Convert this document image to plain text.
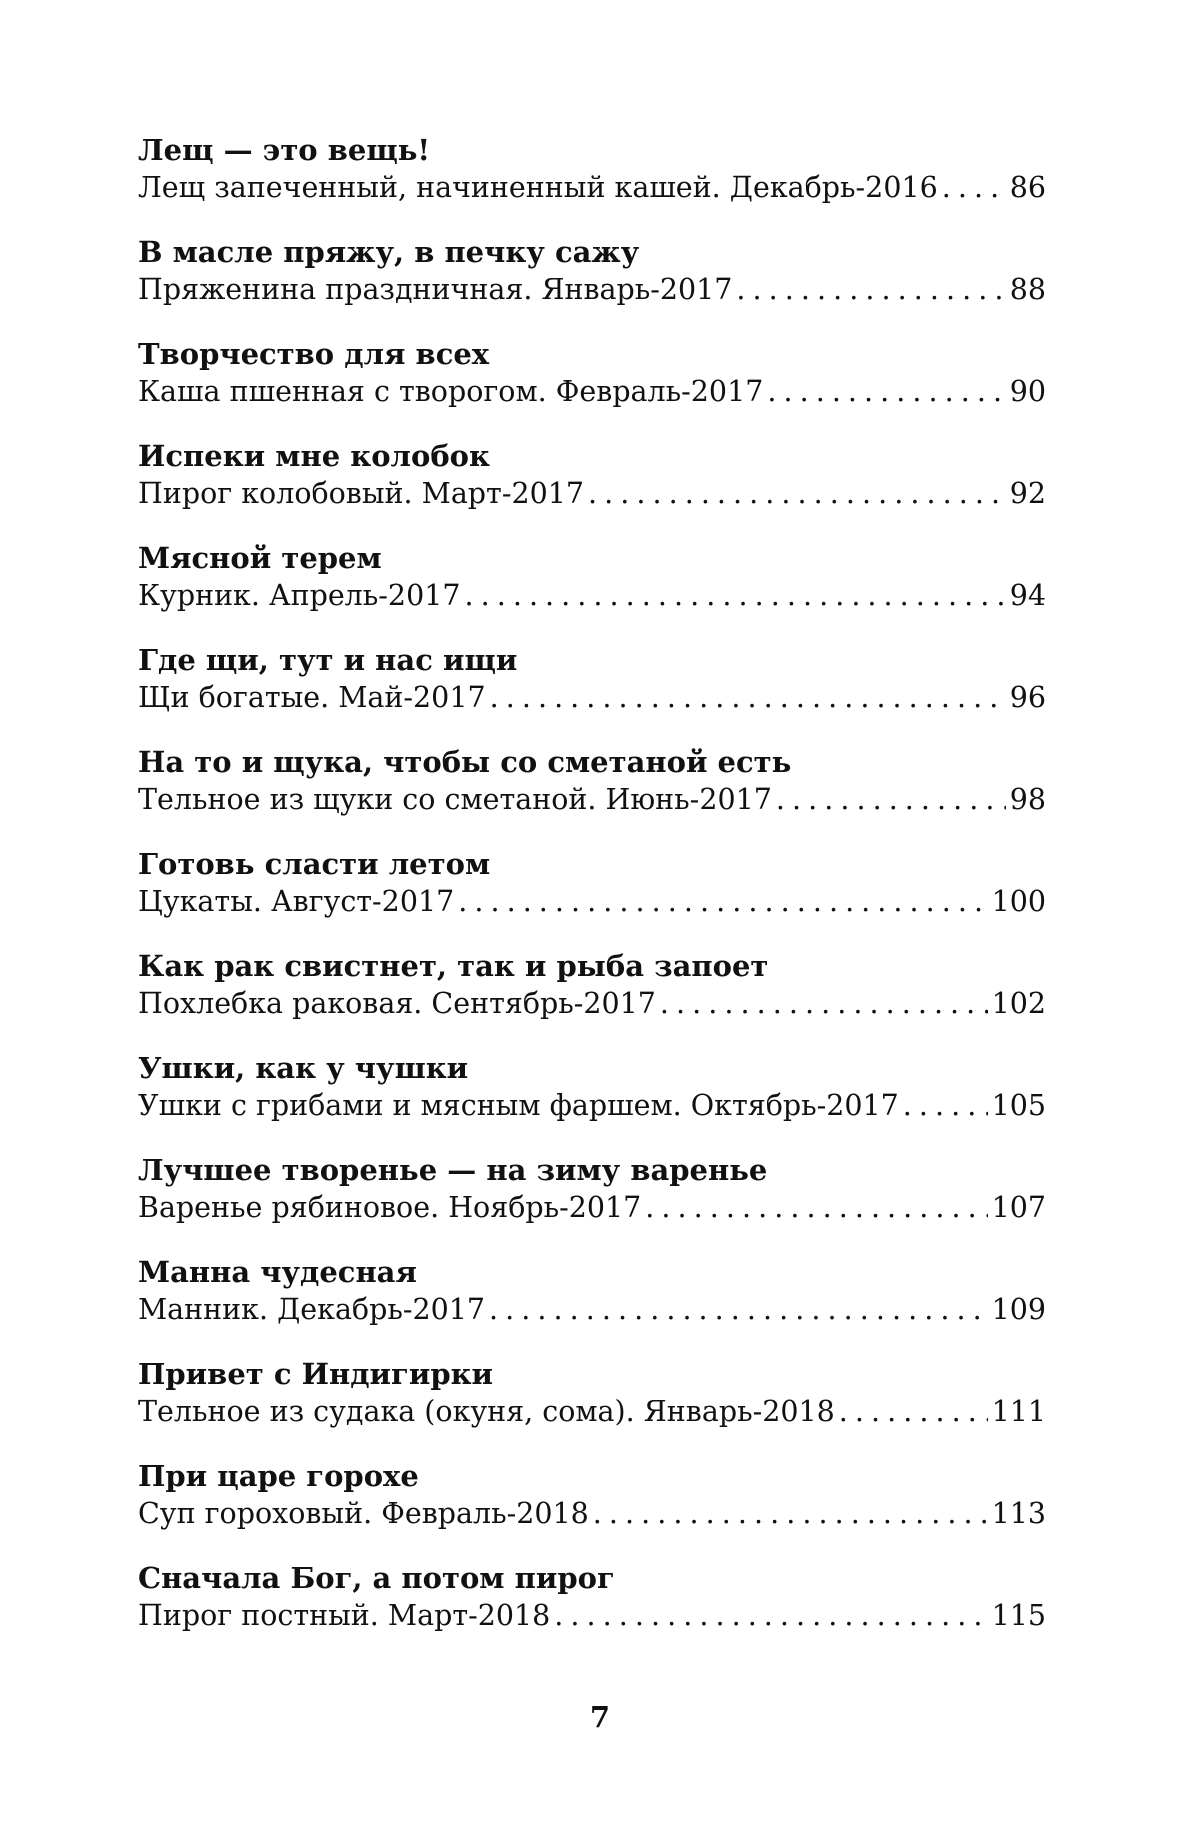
Лещ — это вещь!
Лещ запеченный, начиненный кашей. Декабрь-2016 . . .	86
В масле пряжу, в печку сажу
Пряженина праздничная. Январь-2017 . . .	88
Творчество для всех
Каша пшенная с творогом. Февраль-2017 . . .	90
Испеки мне колобок
Пирог колобовый. Март-2017 . . .	92
Мясной терем
Курник. Апрель-2017 . . .	94
Где щи, тут и нас ищи
Щи богатые. Май-2017 . . .	96
На то и щука, чтобы со сметаной есть
Тельное из щуки со сметаной. Июнь-2017 . . .	98
Готовь сласти летом
Цукаты. Август-2017 . . .	100
Как рак свистнет, так и рыба запоет
Похлебка раковая. Сентябрь-2017 . . .	102
Ушки, как у чушки
Ушки с грибами и мясным фаршем. Октябрь-2017 . . .	105
Лучшее творенье — на зиму варенье
Варенье рябиновое. Ноябрь-2017 . . .	107
Манна чудесная
Манник. Декабрь-2017 . . .	109
Привет с Индигирки
Тельное из судака (окуня, сома). Январь-2018 . . .	111
При царе горохе
Суп гороховый. Февраль-2018 . . .	113
Сначала Бог, а потом пирог
Пирог постный. Март-2018 . . .	115
7
